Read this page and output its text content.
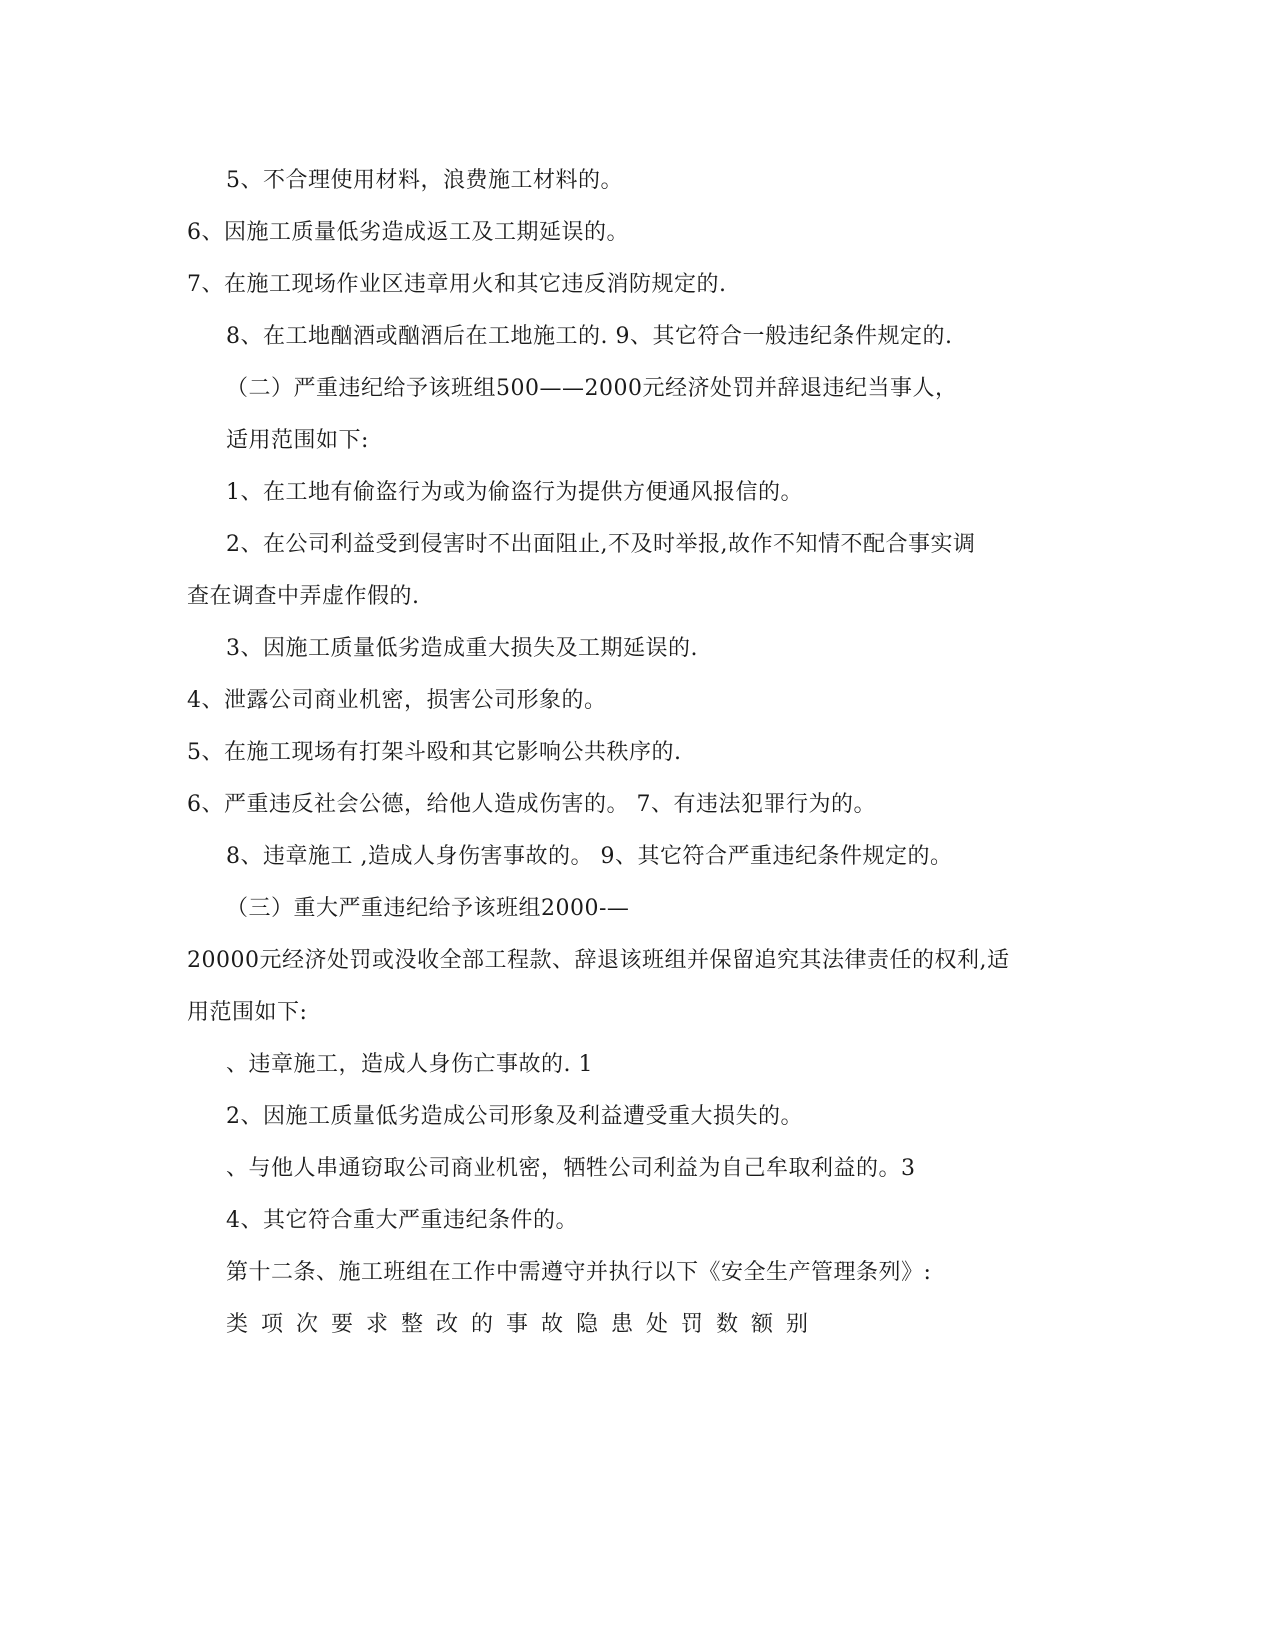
5、不合理使用材料，浪费施工材料的。
6、因施工质量低劣造成返工及工期延误的。
7、在施工现场作业区违章用火和其它违反消防规定的.
8、在工地酗酒或酗酒后在工地施工的. 9、其它符合一般违纪条件规定的.
（二）严重违纪给予该班组500——2000元经济处罚并辞退违纪当事人，
适用范围如下:
1、在工地有偷盗行为或为偷盗行为提供方便通风报信的。
2、在公司利益受到侵害时不出面阻止,不及时举报,故作不知情不配合事实调
查在调查中弄虚作假的.
3、因施工质量低劣造成重大损失及工期延误的.
4、泄露公司商业机密，损害公司形象的。
5、在施工现场有打架斗殴和其它影响公共秩序的.
6、严重违反社会公德，给他人造成伤害的。 7、有违法犯罪行为的。
8、违章施工 ,造成人身伤害事故的。 9、其它符合严重违纪条件规定的。
（三）重大严重违纪给予该班组2000-—
20000元经济处罚或没收全部工程款、辞退该班组并保留追究其法律责任的权利,适
用范围如下:
、违章施工，造成人身伤亡事故的. 1
2、因施工质量低劣造成公司形象及利益遭受重大损失的。
、与他人串通窃取公司商业机密，牺牲公司利益为自己牟取利益的。3
4、其它符合重大严重违纪条件的。
第十二条、施工班组在工作中需遵守并执行以下《安全生产管理条列》:
类项次要求整改的事故隐患处罚数额别
